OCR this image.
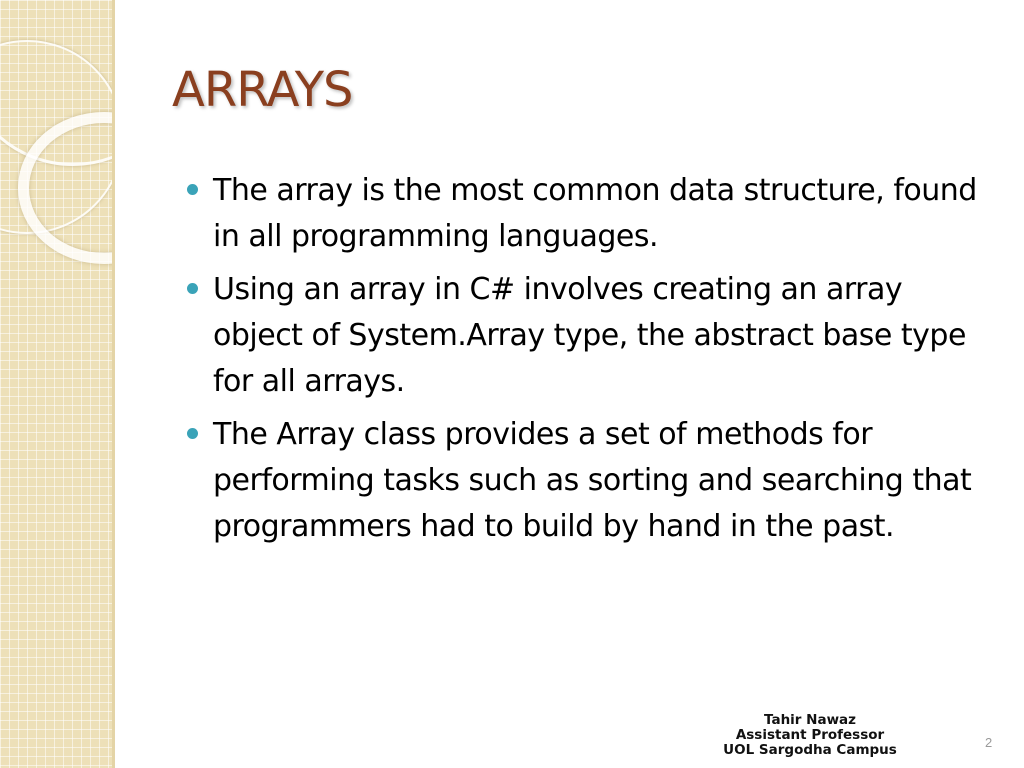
ARRAYS
The array is the most common data structure, found in all programming languages.
Using an array in C# involves creating an array object of System.Array type, the abstract base type for all arrays.
The Array class provides a set of methods for performing tasks such as sorting and searching that programmers had to build by hand in the past.
Tahir Nawaz
Assistant Professor
UOL Sargodha Campus	2
